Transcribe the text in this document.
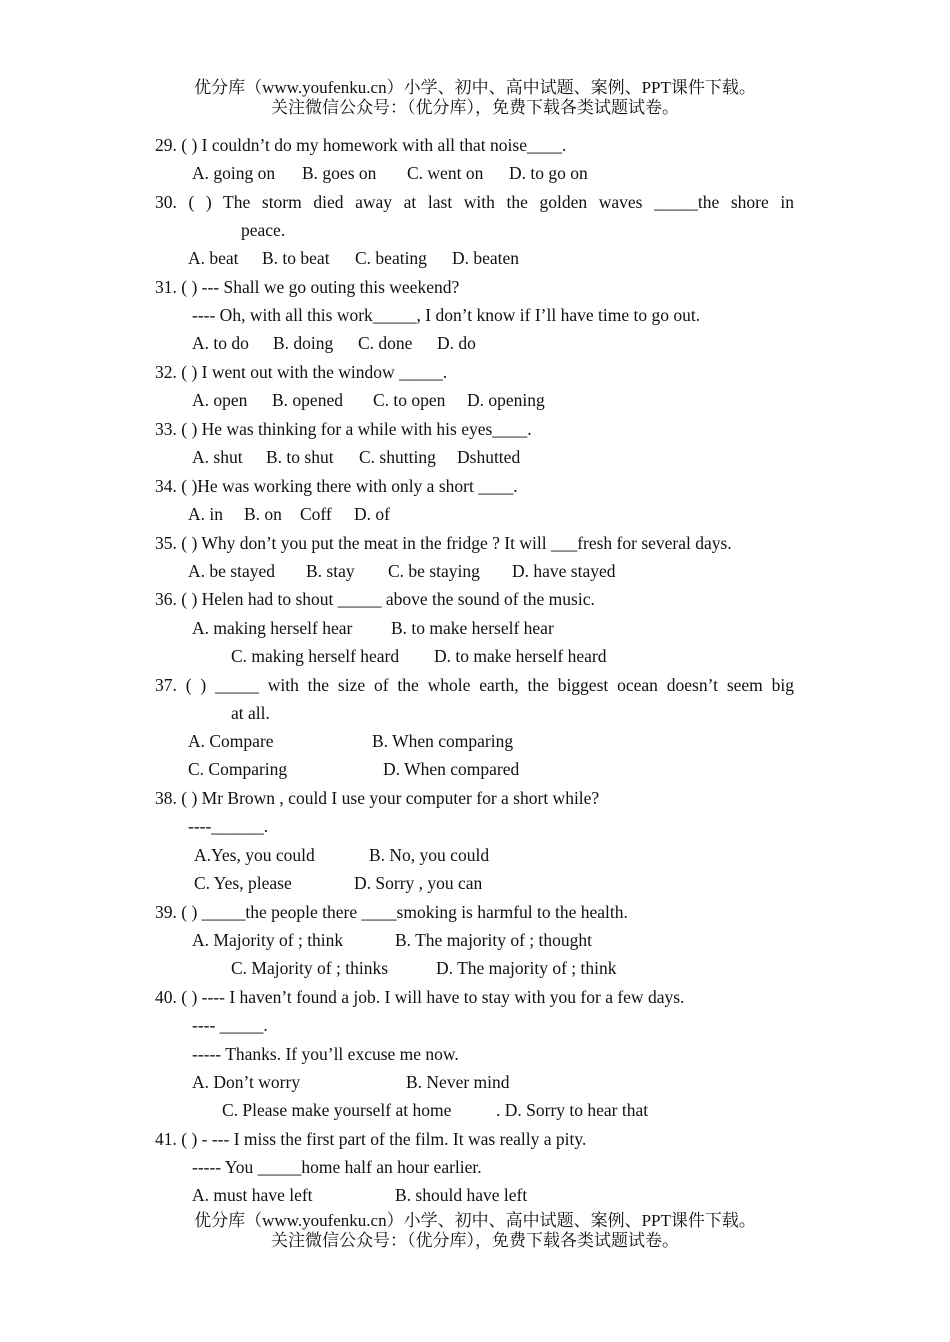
优分库（www.youfenku.cn）小学、初中、高中试题、案例、PPT课件下载。
关注微信公众号：（优分库），免费下载各类试题试卷。
29. ( ) I couldn’t do my homework with all that noise____.
A. going on B. goes on C. went on D. to go on
30. ( ) The storm died away at last with the golden waves _____the shore in
peace.
A. beat B. to beat C. beating D. beaten
31. ( ) --- Shall we go outing this weekend?
---- Oh, with all this work_____, I don’t know if I’ll have time to go out.
A. to do B. doing C. done D. do
32. ( ) I went out with the window _____.
A. open B. opened C. to open D. opening
33. ( ) He was thinking for a while with his eyes____.
A. shut B. to shut C. shutting Dshutted
34. ( )He was working there with only a short ____.
A. in B. on Coff D. of
35. ( ) Why don’t you put the meat in the fridge ? It will ___fresh for several days.
A. be stayed B. stay C. be staying D. have stayed
36. ( ) Helen had to shout _____ above the sound of the music.
A. making herself hear B. to make herself hear
C. making herself heard D. to make herself heard
37. ( ) _____ with the size of the whole earth, the biggest ocean doesn’t seem big
at all.
A. Compare	B. When comparing
C. Comparing	D. When compared
38. ( ) Mr Brown , could I use your computer for a short while?
----______.
A.Yes, you could	B. No, you could
C. Yes, please	D. Sorry , you can
39. ( ) _____the people there ____smoking is harmful to the health.
A. Majority of ; think	B. The majority of ; thought
C. Majority of ; thinks	D. The majority of ; think
40. ( ) ---- I haven’t found a job. I will have to stay with you for a few days.
---- _____.
----- Thanks. If you’ll excuse me now.
A. Don’t worry	B. Never mind
C. Please make yourself at home	. D. Sorry to hear that
41. ( ) - --- I miss the first part of the film. It was really a pity.
----- You _____home half an hour earlier.
A. must have left	B. should have left
优分库（www.youfenku.cn）小学、初中、高中试题、案例、PPT课件下载。
关注微信公众号：（优分库），免费下载各类试题试卷。
